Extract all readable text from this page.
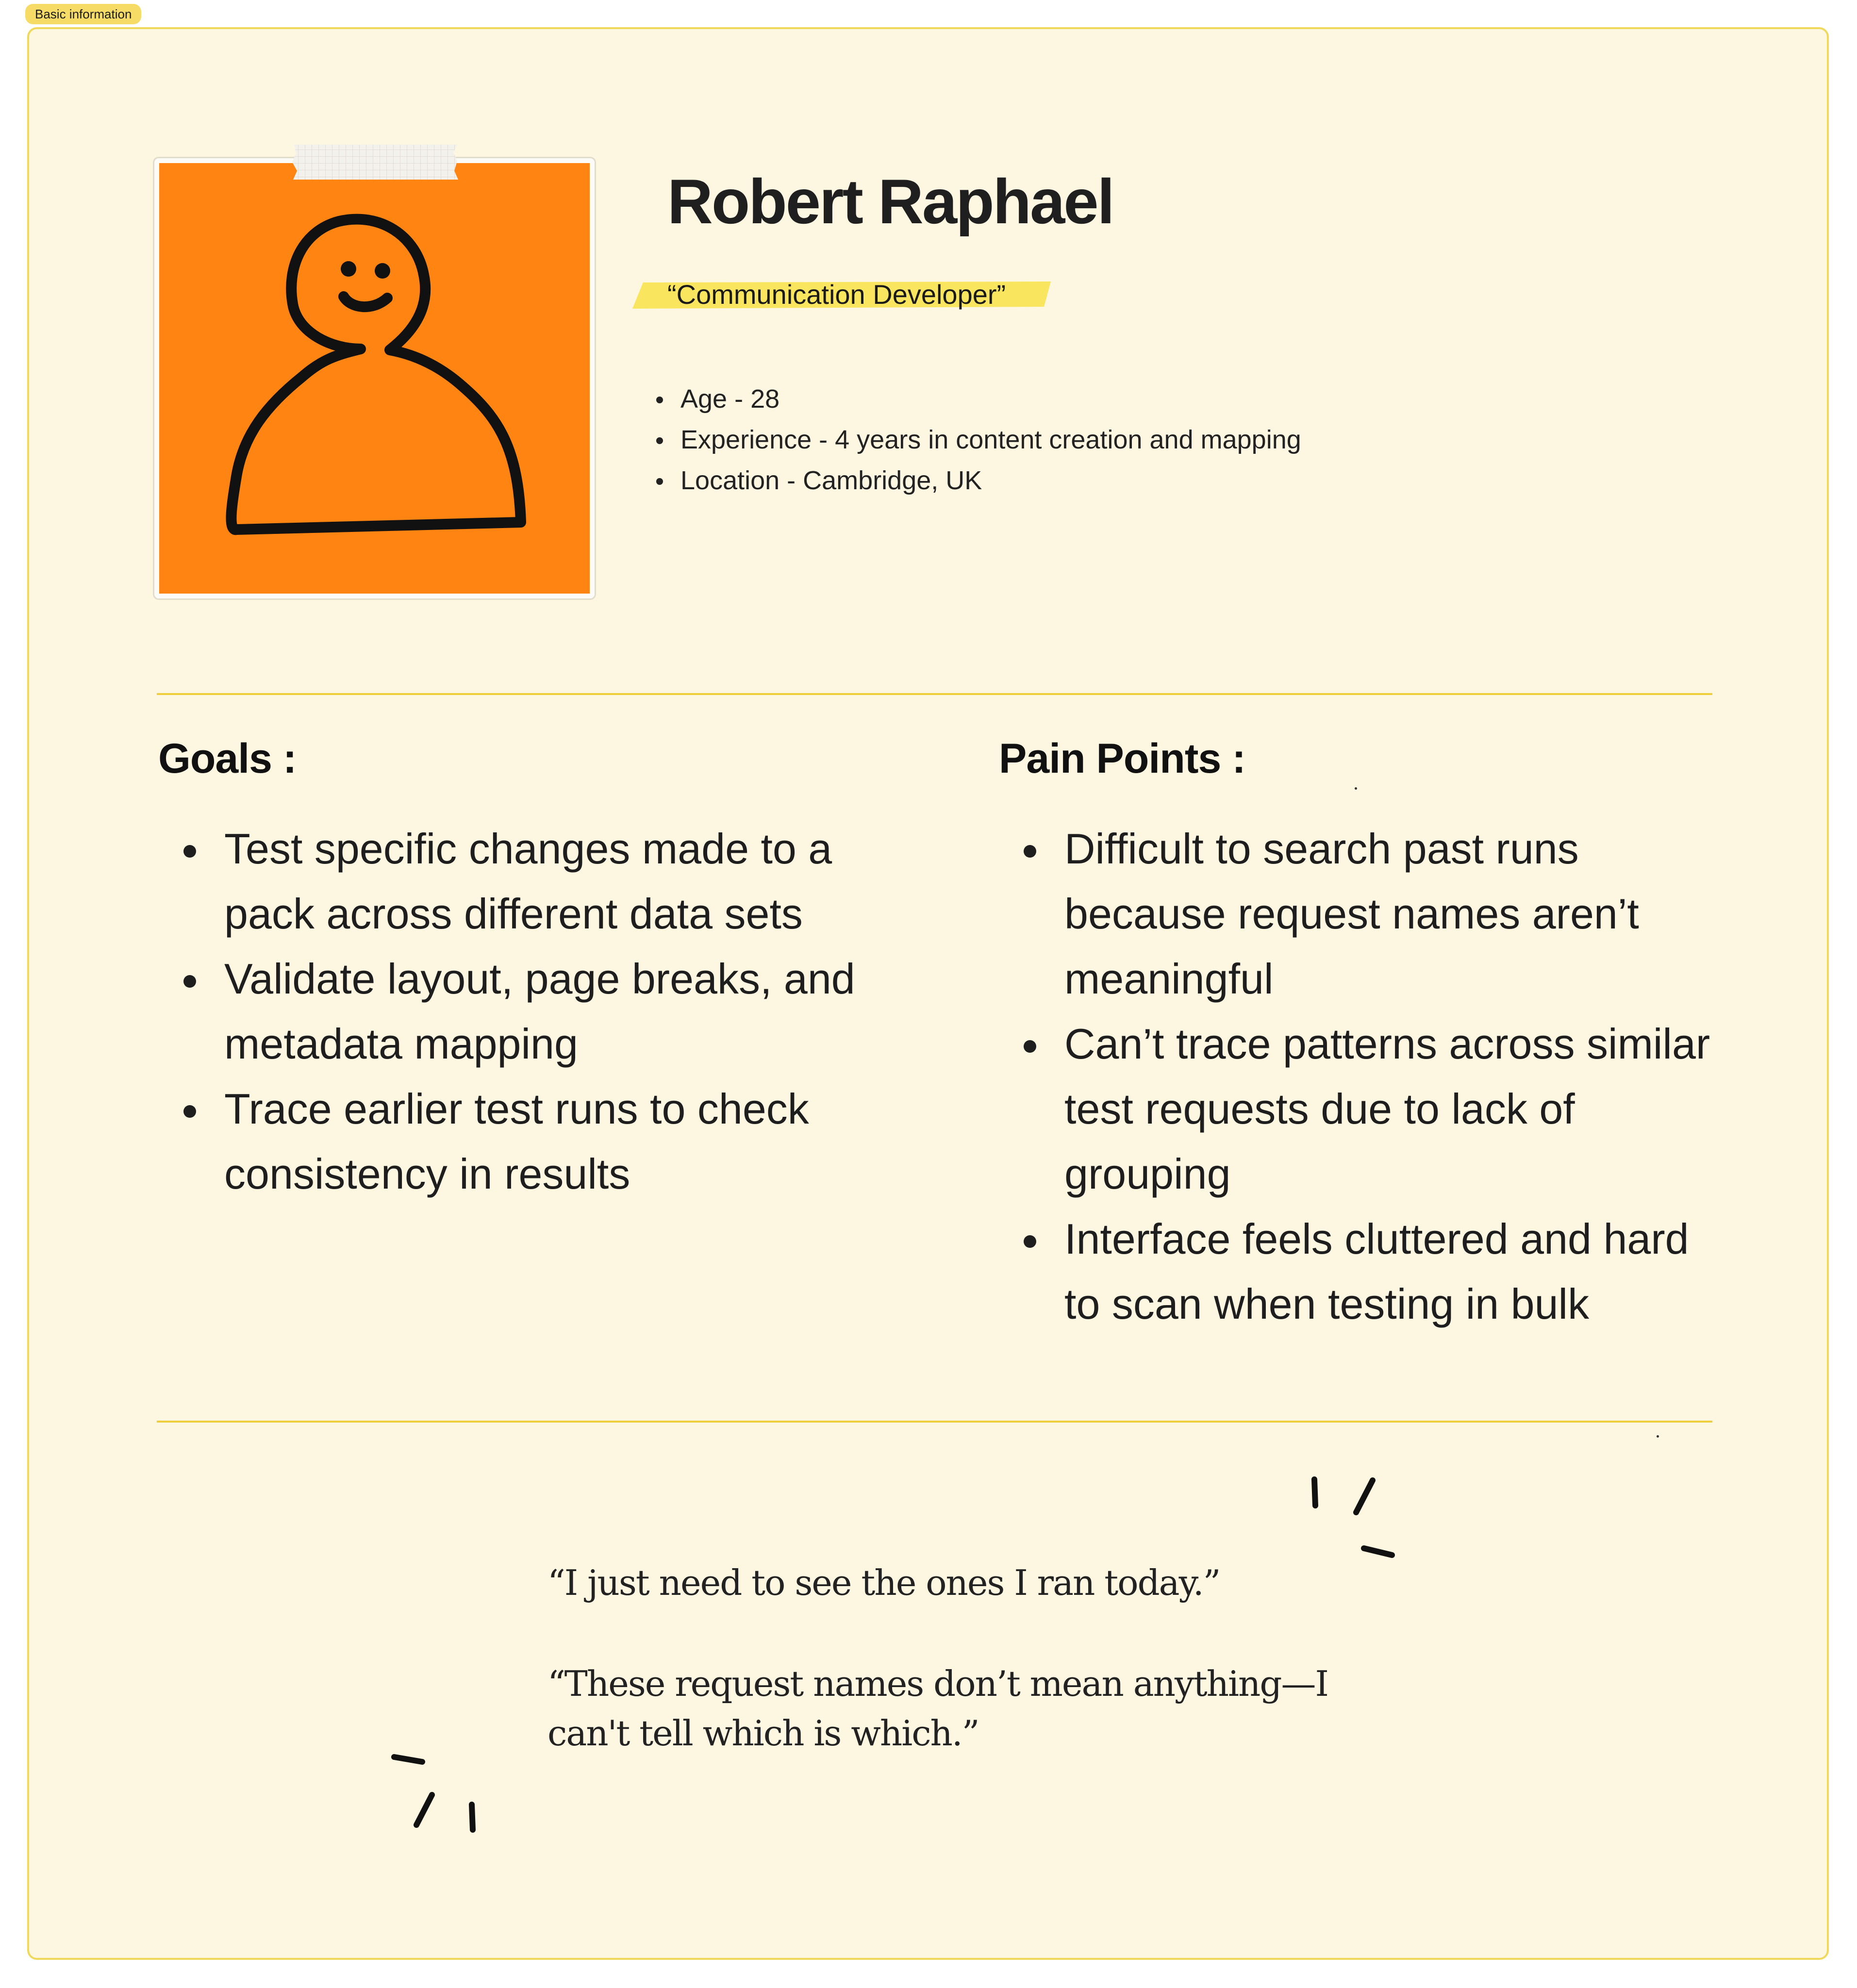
Basic information
Robert Raphael
“Communication Developer”
Age - 28
Experience - 4 years in content creation and mapping
Location - Cambridge, UK
Goals :
Test specific changes made to a pack across different data sets
Validate layout, page breaks, and metadata mapping
Trace earlier test runs to check consistency in results
Pain Points :
Difficult to search past runs because request names aren’t meaningful
Can’t trace patterns across similar test requests due to lack of grouping
Interface feels cluttered and hard to scan when testing in bulk

“I just need to see the ones I ran today.”

“These request names don’t mean anything—I can't tell which is which.”
